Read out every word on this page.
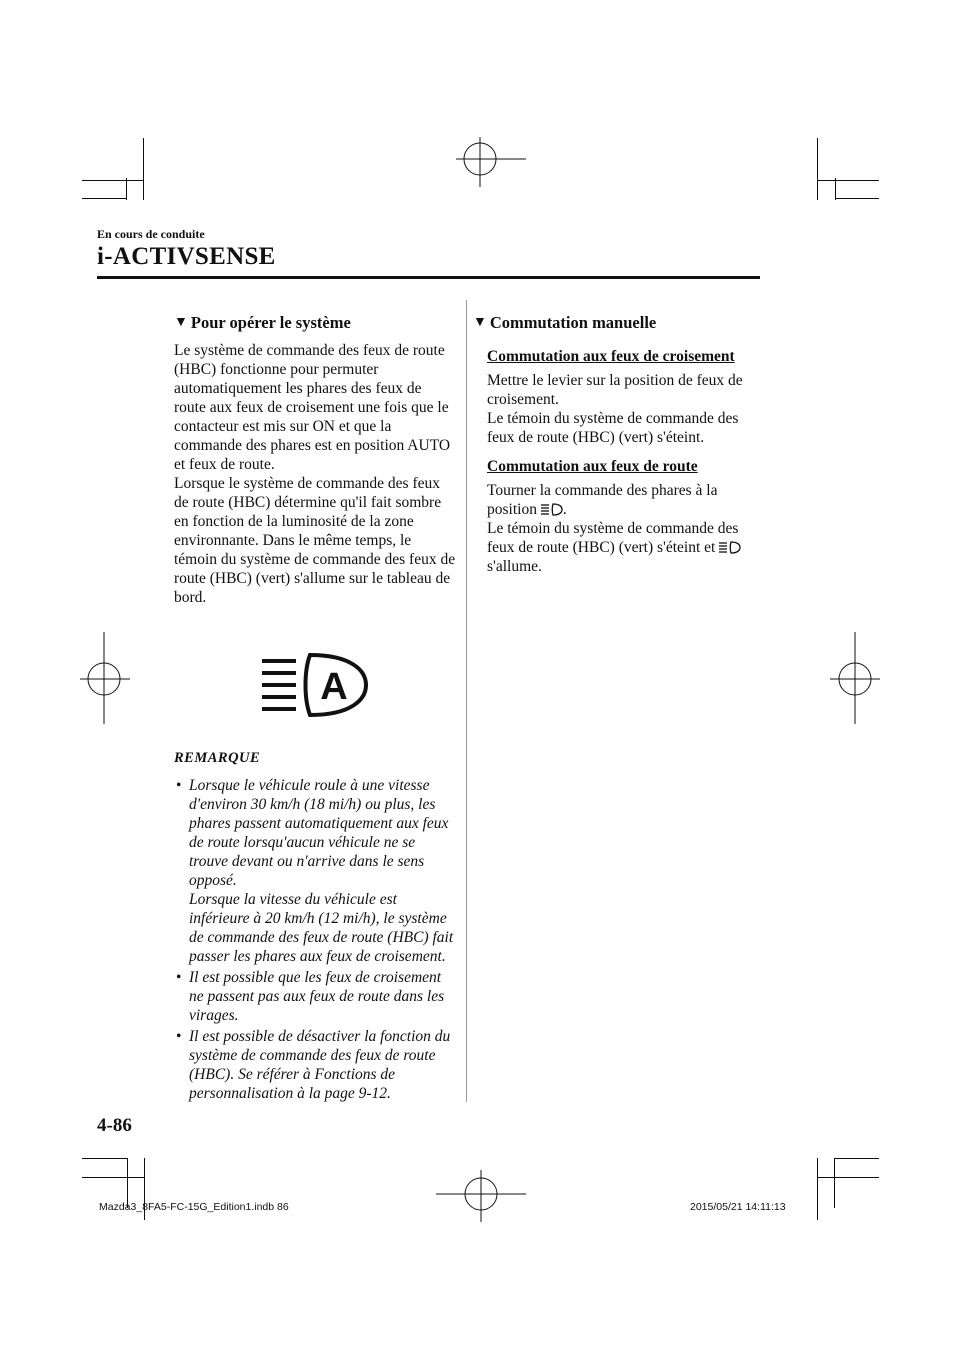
En cours de conduite
i-ACTIVSENSE
▼ Pour opérer le système

Le système de commande des feux de route (HBC) fonctionne pour permuter automatiquement les phares des feux de route aux feux de croisement une fois que le contacteur est mis sur ON et que la commande des phares est en position AUTO et feux de route.

Lorsque le système de commande des feux de route (HBC) détermine qu'il fait sombre en fonction de la luminosité de la zone environnante. Dans le même temps, le témoin du système de commande des feux de route (HBC) (vert) s'allume sur le tableau de bord.

A
REMARQUE
• Lorsque le véhicule roule à une vitesse d'environ 30 km/h (18 mi/h) ou plus, les phares passent automatiquement aux feux de route lorsqu'aucun véhicule ne se trouve devant ou n'arrive dans le sens opposé.
Lorsque la vitesse du véhicule est inférieure à 20 km/h (12 mi/h), le système de commande des feux de route (HBC) fait passer les phares aux feux de croisement.
• Il est possible que les feux de croisement ne passent pas aux feux de route dans les virages.
• Il est possible de désactiver la fonction du système de commande des feux de route (HBC). Se référer à Fonctions de personnalisation à la page 9-12.
▼ Commutation manuelle
Commutation aux feux de croisement

Mettre le levier sur la position de feux de croisement.

Le témoin du système de commande des feux de route (HBC) (vert) s'éteint.

Commutation aux feux de route

Tourner la commande des phares à la position .

Le témoin du système de commande des feux de route (HBC) (vert) s'éteint et  s'allume.

4-86
Mazda3_8FA5-FC-15G_Edition1.indb 86	2015/05/21 14:11:13
